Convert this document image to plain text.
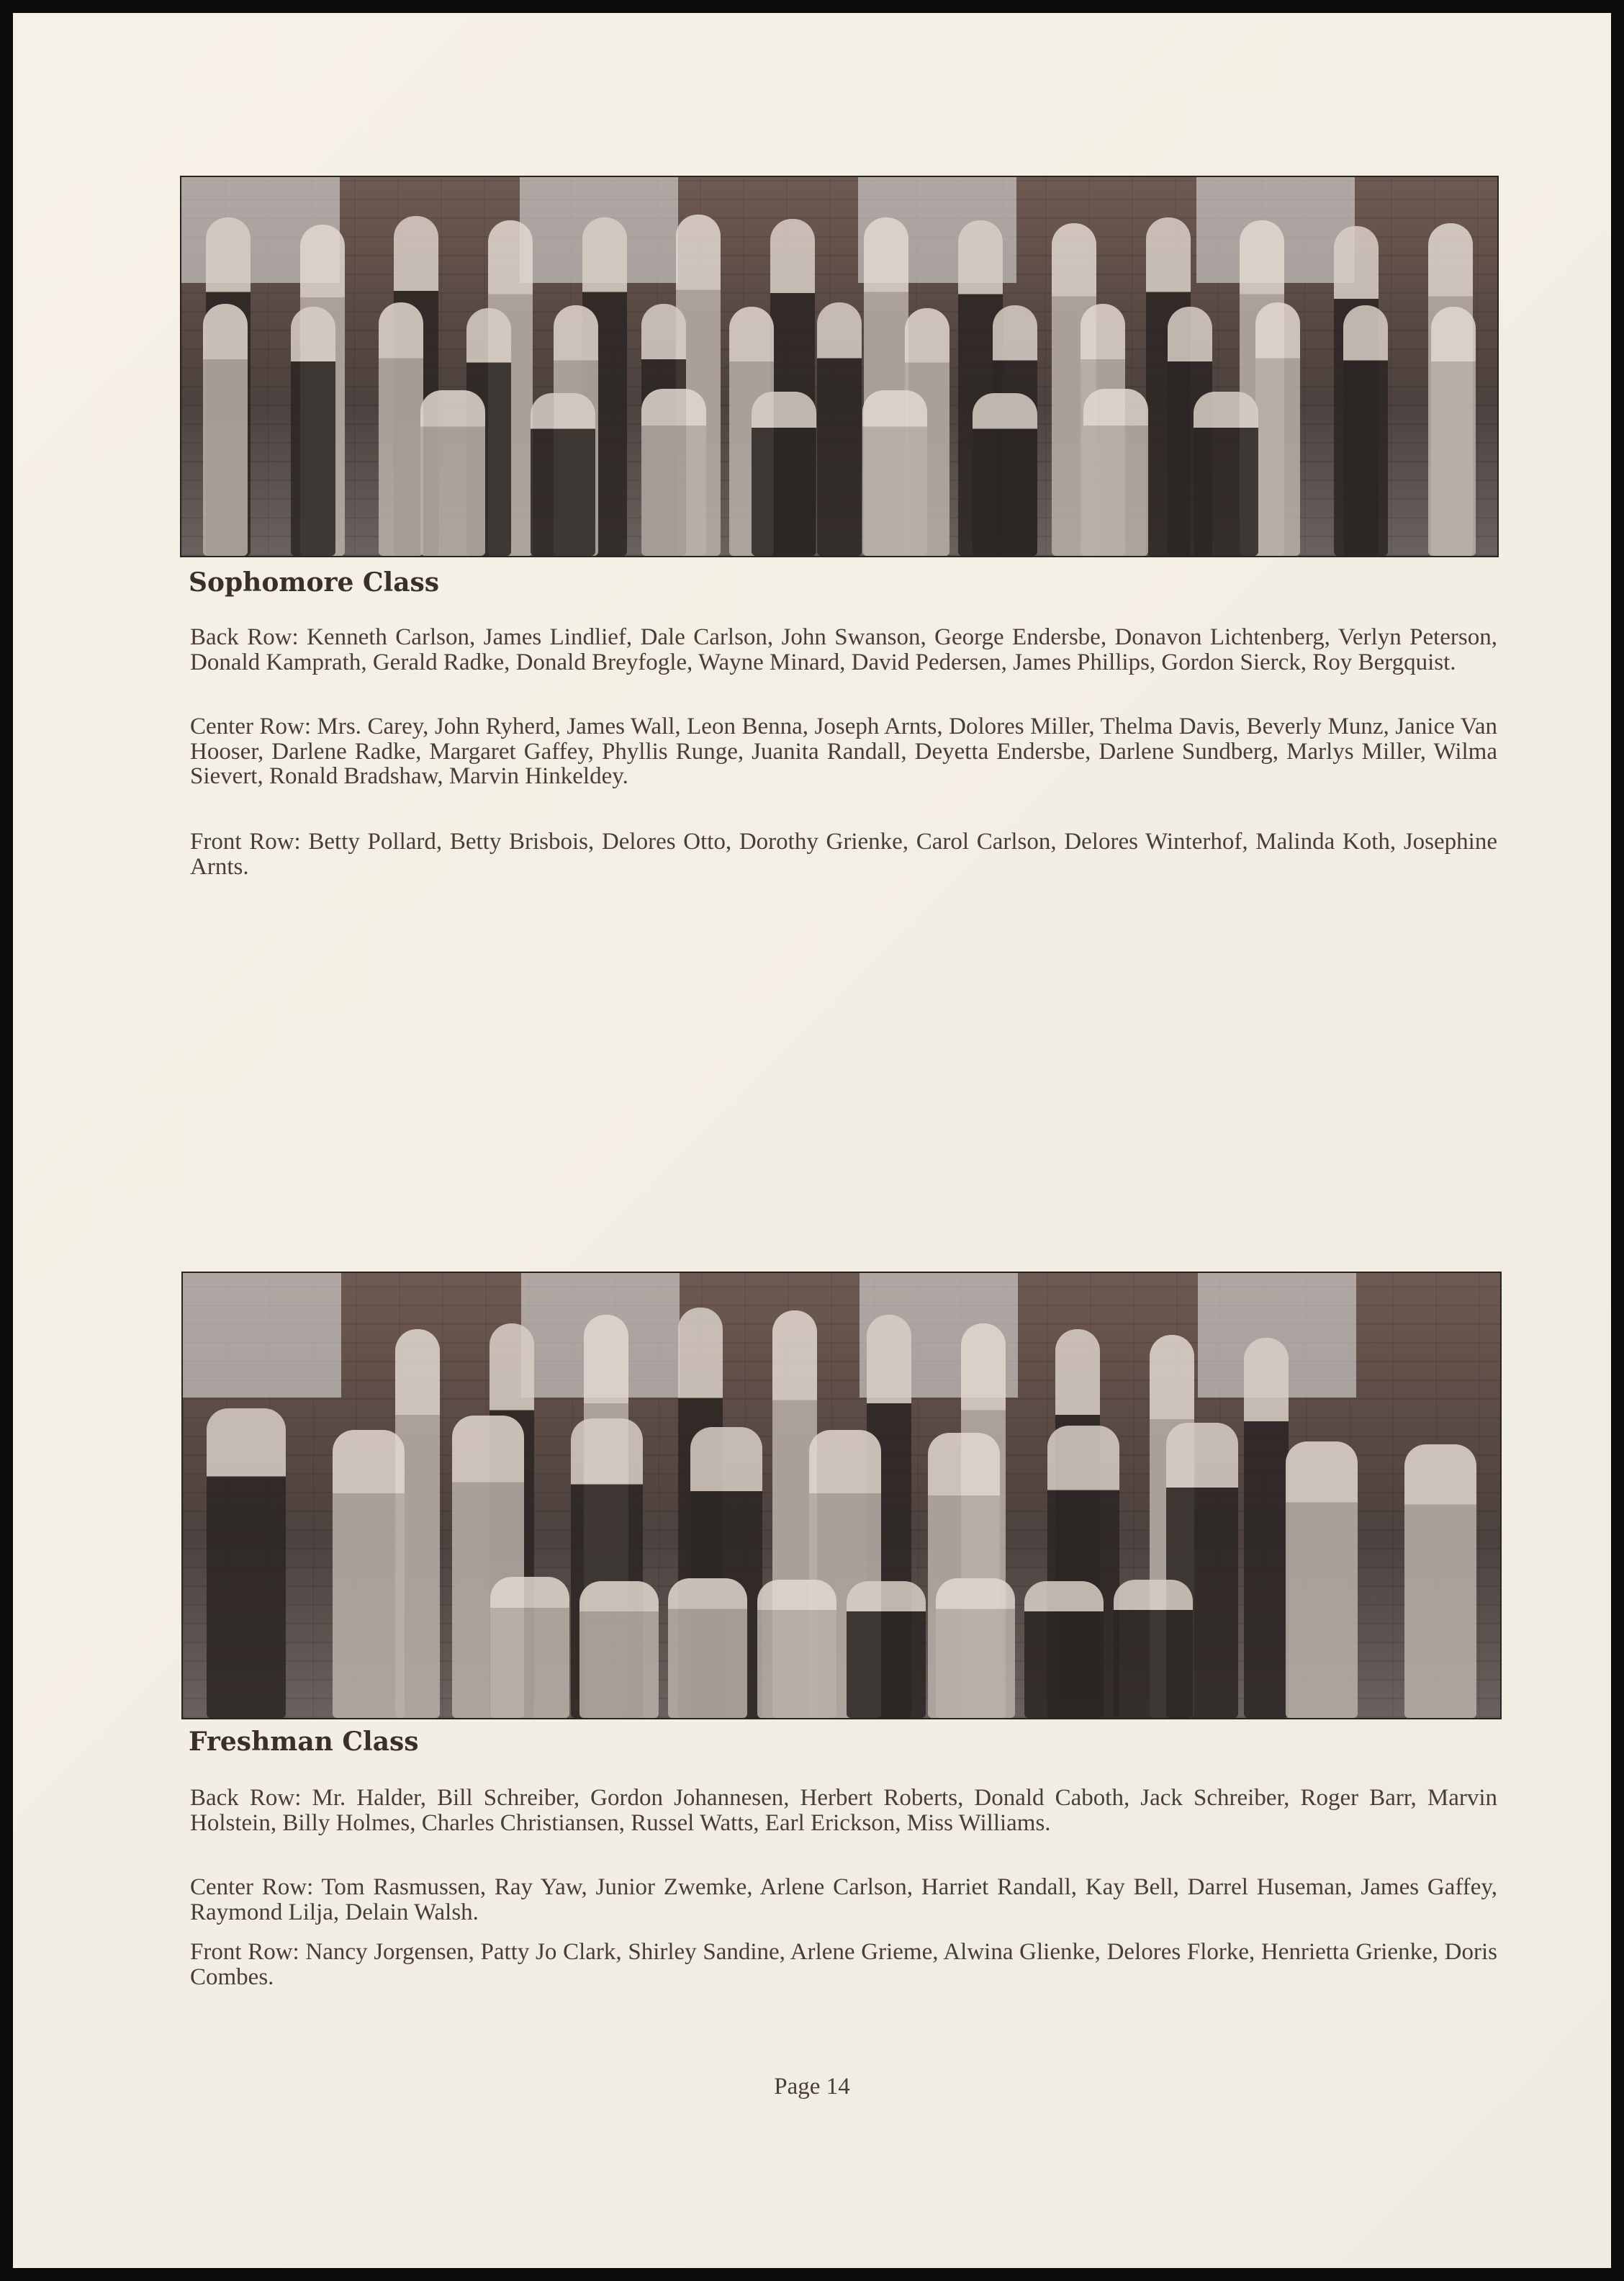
Sophomore Class

Back Row: Kenneth Carlson, James Lindlief, Dale Carlson, John Swanson, George Endersbe, Donavon Lichtenberg, Verlyn Peterson, Donald Kamprath, Gerald Radke, Donald Breyfogle, Wayne Minard, David Pedersen, James Phillips, Gordon Sierck, Roy Bergquist.

Center Row: Mrs. Carey, John Ryherd, James Wall, Leon Benna, Joseph Arnts, Dolores Miller, Thelma Davis, Beverly Munz, Janice Van Hooser, Darlene Radke, Margaret Gaffey, Phyllis Runge, Juanita Randall, Deyetta Endersbe, Darlene Sundberg, Marlys Miller, Wilma Sievert, Ronald Bradshaw, Marvin Hinkeldey.

Front Row: Betty Pollard, Betty Brisbois, Delores Otto, Dorothy Grienke, Carol Carlson, Delores Winterhof, Malinda Koth, Josephine Arnts.

Freshman Class

Back Row: Mr. Halder, Bill Schreiber, Gordon Johannesen, Herbert Roberts, Donald Caboth, Jack Schreiber, Roger Barr, Marvin Holstein, Billy Holmes, Charles Christiansen, Russel Watts, Earl Erickson, Miss Williams.

Center Row: Tom Rasmussen, Ray Yaw, Junior Zwemke, Arlene Carlson, Harriet Randall, Kay Bell, Darrel Huseman, James Gaffey, Raymond Lilja, Delain Walsh.

Front Row: Nancy Jorgensen, Patty Jo Clark, Shirley Sandine, Arlene Grieme, Alwina Glienke, Delores Florke, Henrietta Grienke, Doris Combes.

Page 14
